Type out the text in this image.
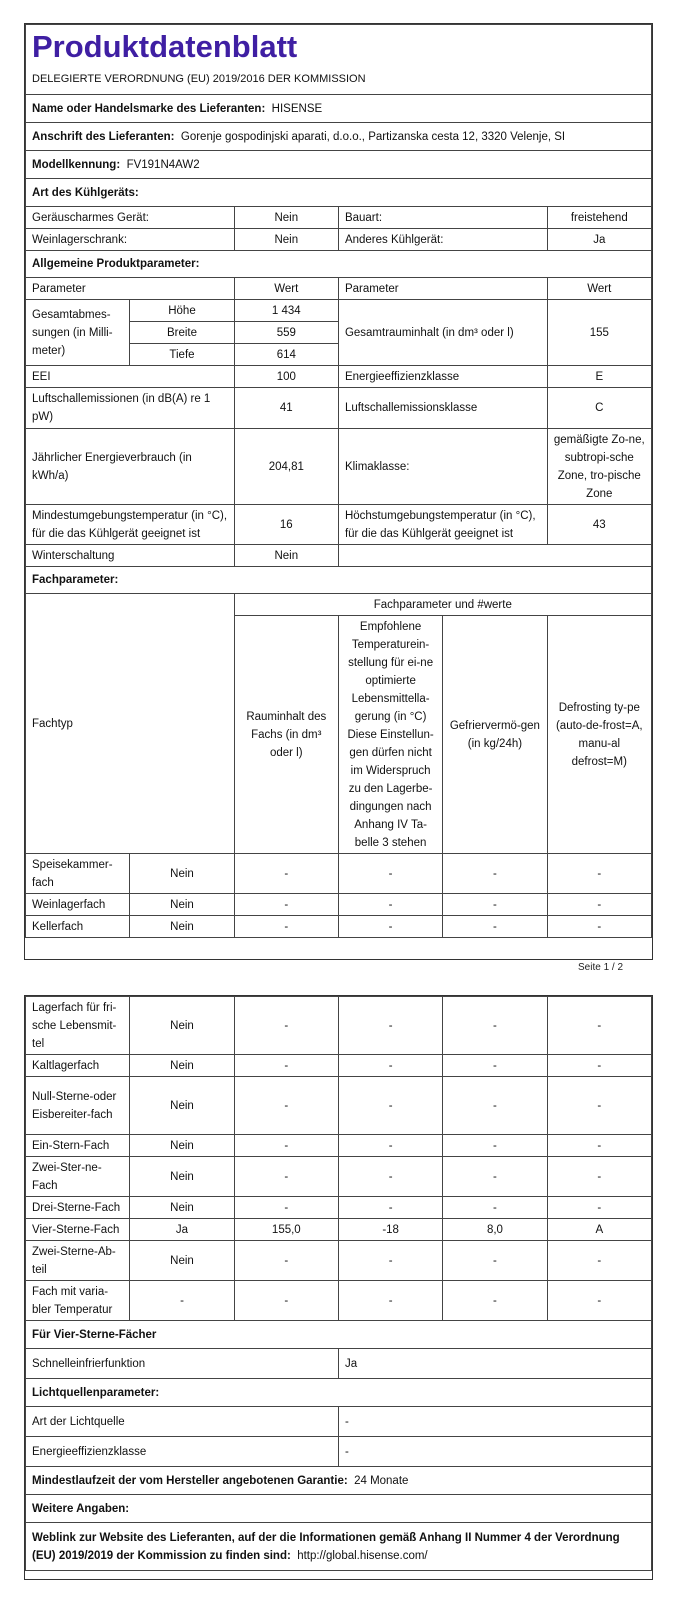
Produktdatenblatt
DELEGIERTE VERORDNUNG (EU) 2019/2016 DER KOMMISSION					

Name oder Handelsmarke des Lieferanten: HISENSE					
Anschrift des Lieferanten: Gorenje gospodinjski aparati, d.o.o., Partizanska cesta 12, 3320 Velenje, SI					
Modellkennung: FV191N4AW2					
Art des Kühlgeräts:					
Geräuscharmes Gerät:		Nein	Bauart:		freistehend
Weinlagerschrank:		Nein	Anderes Kühlgerät:		Ja
Allgemeine Produktparameter:					
Parameter		Wert	Parameter		Wert
Gesamtabmes-sungen (in Milli-meter)	Höhe	1 434	Gesamtrauminhalt (in dm³ oder l)		155
	Breite	559			
	Tiefe	614			
EEI		100	Energieeffizienzklasse		E
Luftschallemissionen (in dB(A) re 1 pW)		41	Luftschallemissionsklasse		C
Jährlicher Energieverbrauch (in kWh/a)		204,81	Klimaklasse:		gemäßigte Zo-ne, subtropi-sche Zone, tro-pische Zone
Mindestumgebungstemperatur (in °C), für die das Kühlgerät geeignet ist		16	Höchstumgebungstemperatur (in °C), für die das Kühlgerät geeignet ist		43
Winterschaltung		Nein			
Fachparameter:					
Fachtyp		Fachparameter und #werte			
		Rauminhalt des Fachs (in dm³ oder l)	Empfohlene Temperaturein-stellung für ei-ne optimierte Lebensmittella-gerung (in °C) Diese Einstellun-gen dürfen nicht im Widerspruch zu den Lagerbe-dingungen nach Anhang IV Ta-belle 3 stehen	Gefriervermö-gen (in kg/24h)	Defrosting ty-pe (auto-de-frost=A, manu-al defrost=M)
Speisekammer-fach	Nein	-	-	-	-
Weinlagerfach	Nein	-	-	-	-
Kellerfach	Nein	-	-	-	-
Seite 1 / 2
Lagerfach für fri-sche Lebensmit-tel	Nein	-	-	-	-
Kaltlagerfach	Nein	-	-	-	-
Null-Sterne-oder Eisbereiter-fach	Nein	-	-	-	-
Ein-Stern-Fach	Nein	-	-	-	-
Zwei-Ster-ne-Fach	Nein	-	-	-	-
Drei-Sterne-Fach	Nein	-	-	-	-
Vier-Sterne-Fach	Ja	155,0	-18	8,0	A
Zwei-Sterne-Ab-teil	Nein	-	-	-	-
Fach mit varia-bler Temperatur	-	-	-	-	-
Für Vier-Sterne-Fächer					
Schnelleinfrierfunktion			Ja		
Lichtquellenparameter:					
Art der Lichtquelle			-		
Energieeffizienzklasse			-		
Mindestlaufzeit der vom Hersteller angebotenen Garantie: 24 Monate					
Weitere Angaben:					
Weblink zur Website des Lieferanten, auf der die Informationen gemäß Anhang II Nummer 4 der Verordnung (EU) 2019/2019 der Kommission zu finden sind: http://global.hisense.com/					
